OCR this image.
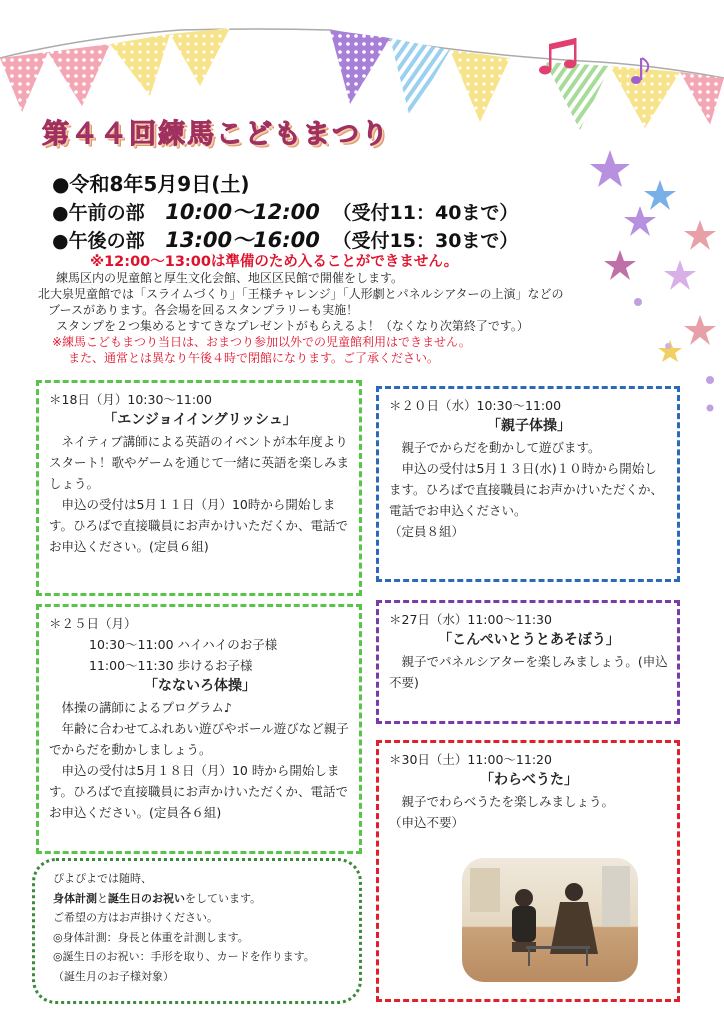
第４４回練馬こどもまつり
●令和8年5月9日(土)
●午前の部 10:00～12:00 （受付11：40まで）
●午後の部 13:00～16:00 （受付15：30まで）
※12:00～13:00は準備のため入ることができません。
練馬区内の児童館と厚生文化会館、地区区民館で開催をします。
北大泉児童館では「スライムづくり」「王様チャレンジ」「人形劇とパネルシアターの上演」などの
ブースがあります。各会場を回るスタンプラリーも実施！
スタンプを２つ集めるとすてきなプレゼントがもらえるよ！（なくなり次第終了です。）
※練馬こどもまつり当日は、おまつり参加以外での児童館利用はできません。
また、通常とは異なり午後４時で閉館になります。ご了承ください。

＊18日（月）10:30～11:00

「エンジョイイングリッシュ」

ネイティブ講師による英語のイベントが本年度よりスタート！歌やゲームを通じて一緒に英語を楽しみましょう。

申込の受付は5月１１日（月）10時から開始します。ひろばで直接職員にお声かけいただくか、電話でお申込ください。(定員６組)

＊２０日（水）10:30～11:00

「親子体操」

親子でからだを動かして遊びます。

申込の受付は5月１３日(水)１０時から開始します。ひろばで直接職員にお声かけいただくか、電話でお申込ください。

（定員８組）

＊２５日（月）

10:30～11:00 ハイハイのお子様

11:00～11:30 歩けるお子様

「なないろ体操」

体操の講師によるプログラム♪

年齢に合わせてふれあい遊びやボール遊びなど親子でからだを動かしましょう。

申込の受付は5月１８日（月）10 時から開始します。ひろばで直接職員にお声かけいただくか、電話でお申込ください。(定員各６組)

＊27日（水）11:00～11:30

「こんぺいとうとあそぼう」

親子でパネルシアターを楽しみましょう。(申込不要)

＊30日（土）11:00～11:20

「わらべうた」

親子でわらべうたを楽しみましょう。

（申込不要）

ぴよぴよでは随時、

身体計測と誕生日のお祝いをしています。

ご希望の方はお声掛けください。

◎身体計測：身長と体重を計測します。

◎誕生日のお祝い：手形を取り、カードを作ります。

（誕生月のお子様対象）
